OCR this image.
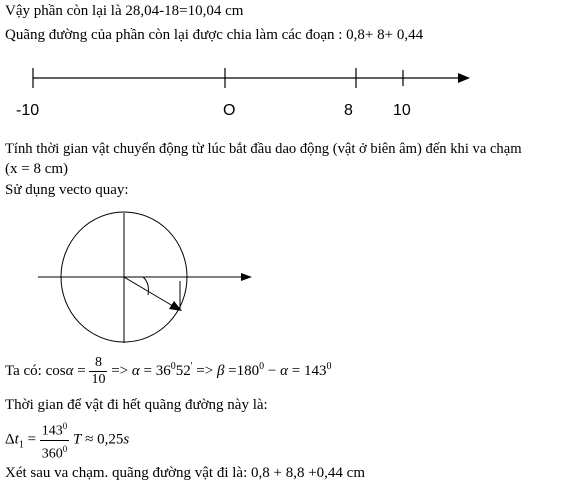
Vậy phần còn lại là 28,04-18=10,04 cm
Quãng đường của phần còn lại được chia làm các đoạn : 0,8+ 8+ 0,44
-10	O	8	10
Tính thời gian vật chuyển động từ lúc bắt đầu dao động (vật ở biên âm) đến khi va chạm
(x = 8 cm)
Sử dụng vecto quay:
Ta có: $\cos\alpha = \frac{8}{10} => \alpha = 36^052' => \beta =180^0 - \alpha = 143^0$
Thời gian để vật đi hết quãng đường này là:
$\Delta t_1 = \frac{143^0}{360^0}$ T ≈ 0,25s
Xét sau va chạm. quãng đường vật đi là: 0,8 + 8,8 +0,44 cm
